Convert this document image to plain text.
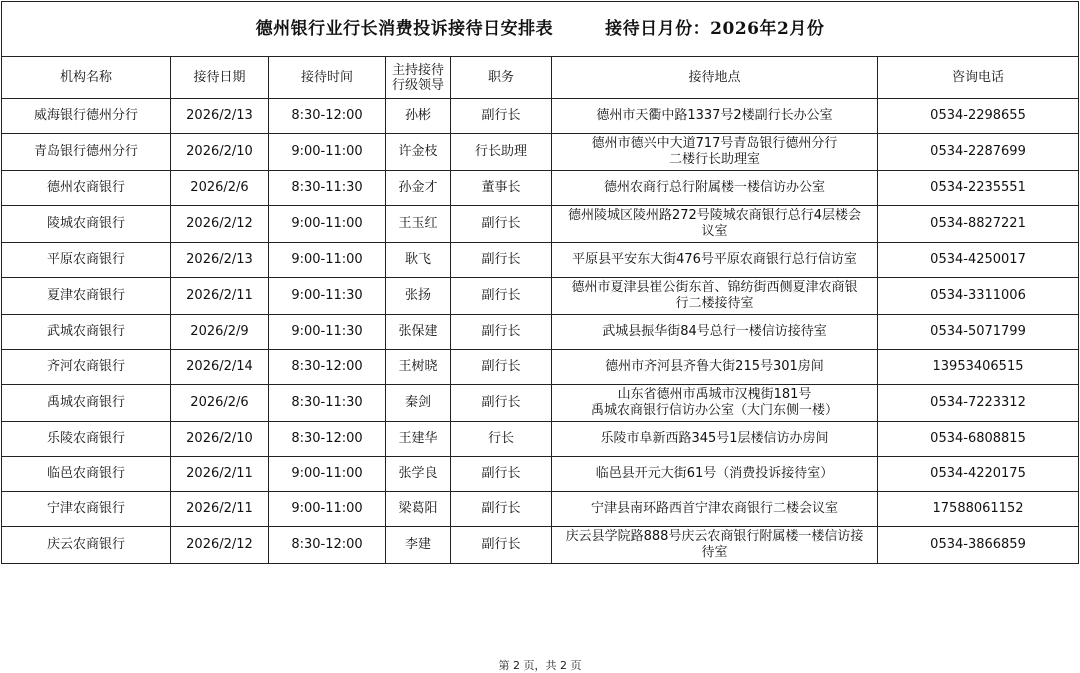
德州银行业行长消费投诉接待日安排表 接待日月份：2026年2月份						
机构名称	接待日期	接待时间	主持接待
行级领导	职务	接待地点	咨询电话
威海银行德州分行	2026/2/13	8:30-12:00	孙彬	副行长	德州市天衢中路1337号2楼副行长办公室	0534-2298655
青岛银行德州分行	2026/2/10	9:00-11:00	许金枝	行长助理	德州市德兴中大道717号青岛银行德州分行
二楼行长助理室	0534-2287699
德州农商银行	2026/2/6	8:30-11:30	孙金才	董事长	德州农商行总行附属楼一楼信访办公室	0534-2235551
陵城农商银行	2026/2/12	9:00-11:00	王玉红	副行长	德州陵城区陵州路272号陵城农商银行总行4层楼会
议室	0534-8827221
平原农商银行	2026/2/13	9:00-11:00	耿飞	副行长	平原县平安东大街476号平原农商银行总行信访室	0534-4250017
夏津农商银行	2026/2/11	9:00-11:30	张扬	副行长	德州市夏津县崔公街东首、锦纺街西侧夏津农商银
行二楼接待室	0534-3311006
武城农商银行	2026/2/9	9:00-11:30	张保建	副行长	武城县振华街84号总行一楼信访接待室	0534-5071799
齐河农商银行	2026/2/14	8:30-12:00	王树晓	副行长	德州市齐河县齐鲁大街215号301房间	13953406515
禹城农商银行	2026/2/6	8:30-11:30	秦剑	副行长	山东省德州市禹城市汉槐街181号
禹城农商银行信访办公室（大门东侧一楼）	0534-7223312
乐陵农商银行	2026/2/10	8:30-12:00	王建华	行长	乐陵市阜新西路345号1层楼信访办房间	0534-6808815
临邑农商银行	2026/2/11	9:00-11:00	张学良	副行长	临邑县开元大街61号（消费投诉接待室）	0534-4220175
宁津农商银行	2026/2/11	9:00-11:00	梁葛阳	副行长	宁津县南环路西首宁津农商银行二楼会议室	17588061152
庆云农商银行	2026/2/12	8:30-12:00	李建	副行长	庆云县学院路888号庆云农商银行附属楼一楼信访接
待室	0534-3866859
第 2 页，共 2 页
